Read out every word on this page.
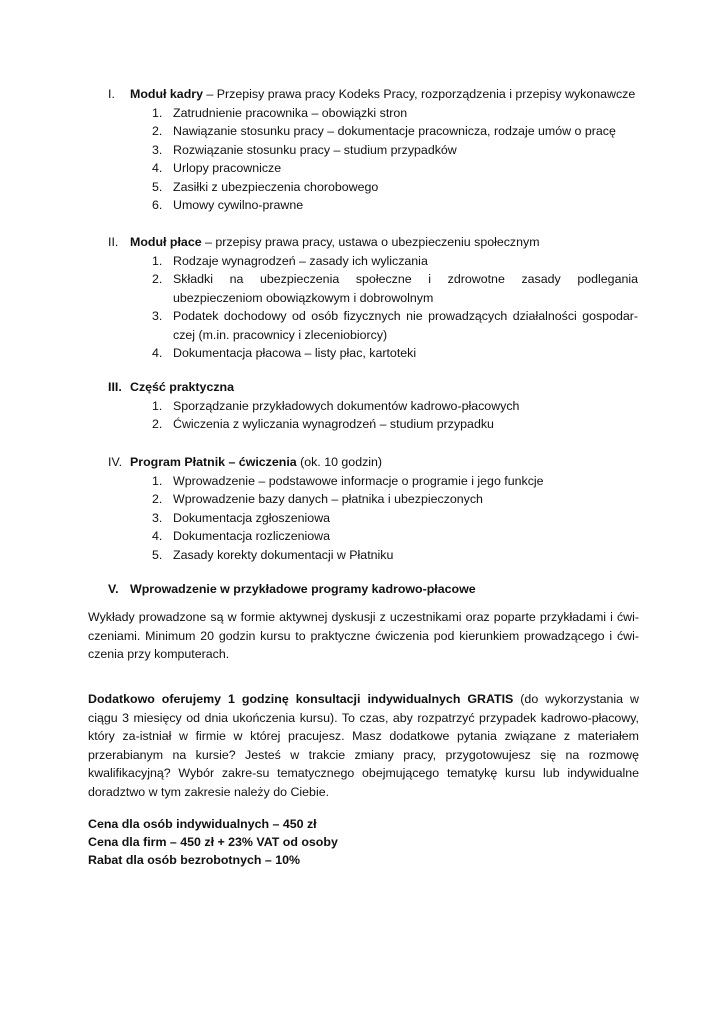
I. Moduł kadry – Przepisy prawa pracy Kodeks Pracy, rozporządzenia i przepisy wykonawcze
1. Zatrudnienie pracownika – obowiązki stron
2. Nawiązanie stosunku pracy – dokumentacje pracownicza, rodzaje umów o pracę
3. Rozwiązanie stosunku pracy – studium przypadków
4. Urlopy pracownicze
5. Zasiłki z ubezpieczenia chorobowego
6. Umowy cywilno-prawne
II. Moduł płace – przepisy prawa pracy, ustawa o ubezpieczeniu społecznym
1. Rodzaje wynagrodzeń – zasady ich wyliczania
2. Składki na ubezpieczenia społeczne i zdrowotne zasady podlegania ubezpieczeniom obowiązkowym i dobrowolnym
3. Podatek dochodowy od osób fizycznych nie prowadzących działalności gospodar-czej (m.in. pracownicy i zleceniobiorcy)
4. Dokumentacja płacowa – listy płac, kartoteki
III. Część praktyczna
1. Sporządzanie przykładowych dokumentów kadrowo-płacowych
2. Ćwiczenia z wyliczania wynagrodzeń – studium przypadku
IV. Program Płatnik – ćwiczenia (ok. 10 godzin)
1. Wprowadzenie – podstawowe informacje o programie i jego funkcje
2. Wprowadzenie bazy danych – płatnika i ubezpieczonych
3. Dokumentacja zgłoszeniowa
4. Dokumentacja rozliczeniowa
5. Zasady korekty dokumentacji w Płatniku
V. Wprowadzenie w przykładowe programy kadrowo-płacowe

Wykłady prowadzone są w formie aktywnej dyskusji z uczestnikami oraz poparte przykładami i ćwi-czeniami. Minimum 20 godzin kursu to praktyczne ćwiczenia pod kierunkiem prowadzącego i ćwi-czenia przy komputerach.

Dodatkowo oferujemy 1 godzinę konsultacji indywidualnych GRATIS (do wykorzystania w ciągu 3 miesięcy od dnia ukończenia kursu). To czas, aby rozpatrzyć przypadek kadrowo-płacowy, który za-istniał w firmie w której pracujesz. Masz dodatkowe pytania związane z materiałem przerabianym na kursie? Jesteś w trakcie zmiany pracy, przygotowujesz się na rozmowę kwalifikacyjną? Wybór zakre-su tematycznego obejmującego tematykę kursu lub indywidualne doradztwo w tym zakresie należy do Ciebie.

Cena dla osób indywidualnych – 450 zł
Cena dla firm – 450 zł + 23% VAT od osoby
Rabat dla osób bezrobotnych – 10%
